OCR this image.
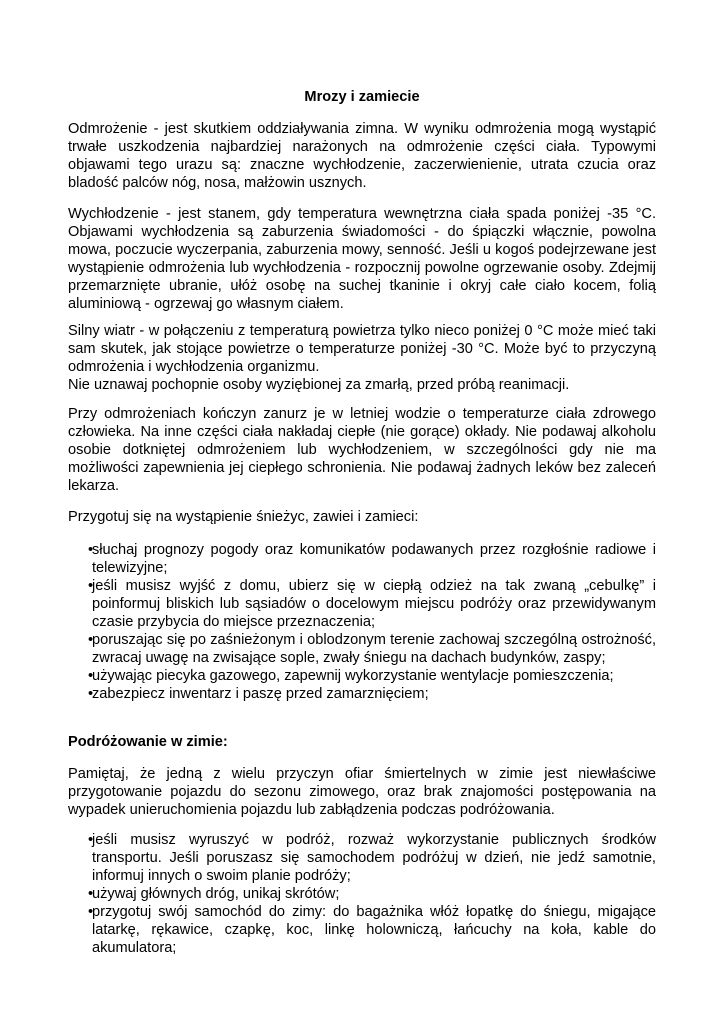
Mrozy i zamiecie

Odmrożenie - jest skutkiem oddziaływania zimna. W wyniku odmrożenia mogą wystąpić trwałe uszkodzenia najbardziej narażonych na odmrożenie części ciała. Typowymi objawami tego urazu są: znaczne wychłodzenie, zaczerwienienie, utrata czucia oraz bladość palców nóg, nosa, małżowin usznych.

Wychłodzenie - jest stanem, gdy temperatura wewnętrzna ciała spada poniżej -35 °C. Objawami wychłodzenia są zaburzenia świadomości - do śpiączki włącznie, powolna mowa, poczucie wyczerpania, zaburzenia mowy, senność. Jeśli u kogoś podejrzewane jest wystąpienie odmrożenia lub wychłodzenia - rozpocznij powolne ogrzewanie osoby. Zdejmij przemarznięte ubranie, ułóż osobę na suchej tkaninie i okryj całe ciało kocem, folią aluminiową - ogrzewaj go własnym ciałem.

Silny wiatr - w połączeniu z temperaturą powietrza tylko nieco poniżej 0 °C może mieć taki sam skutek, jak stojące powietrze o temperaturze poniżej -30 °C. Może być to przyczyną odmrożenia i wychłodzenia organizmu.

Nie uznawaj pochopnie osoby wyziębionej za zmarłą, przed próbą reanimacji.

Przy odmrożeniach kończyn zanurz je w letniej wodzie o temperaturze ciała zdrowego człowieka. Na inne części ciała nakładaj ciepłe (nie gorące) okłady. Nie podawaj alkoholu osobie dotkniętej odmrożeniem lub wychłodzeniem, w szczególności gdy nie ma możliwości zapewnienia jej ciepłego schronienia. Nie podawaj żadnych leków bez zaleceń lekarza.

Przygotuj się na wystąpienie śnieżyc, zawiei i zamieci:

•
słuchaj prognozy pogody oraz komunikatów podawanych przez rozgłośnie radiowe i telewizyjne;
•
jeśli musisz wyjść z domu, ubierz się w ciepłą odzież na tak zwaną „cebulkę” i poinformuj bliskich lub sąsiadów o docelowym miejscu podróży oraz przewidywanym czasie przybycia do miejsce przeznaczenia;
•
poruszając się po zaśnieżonym i oblodzonym terenie zachowaj szczególną ostrożność, zwracaj uwagę na zwisające sople, zwały śniegu na dachach budynków, zaspy;
•
używając piecyka gazowego, zapewnij wykorzystanie wentylacje pomieszczenia;
•
zabezpiecz inwentarz i paszę przed zamarznięciem;

Podróżowanie w zimie:

Pamiętaj, że jedną z wielu przyczyn ofiar śmiertelnych w zimie jest niewłaściwe przygotowanie pojazdu do sezonu zimowego, oraz brak znajomości postępowania na wypadek unieruchomienia pojazdu lub zabłądzenia podczas podróżowania.

•
jeśli musisz wyruszyć w podróż, rozważ wykorzystanie publicznych środków transportu. Jeśli poruszasz się samochodem podróżuj w dzień, nie jedź samotnie, informuj innych o swoim planie podróży;
•
używaj głównych dróg, unikaj skrótów;
•
przygotuj swój samochód do zimy: do bagażnika włóż łopatkę do śniegu, migające latarkę, rękawice, czapkę, koc, linkę holowniczą, łańcuchy na koła, kable do akumulatora;
